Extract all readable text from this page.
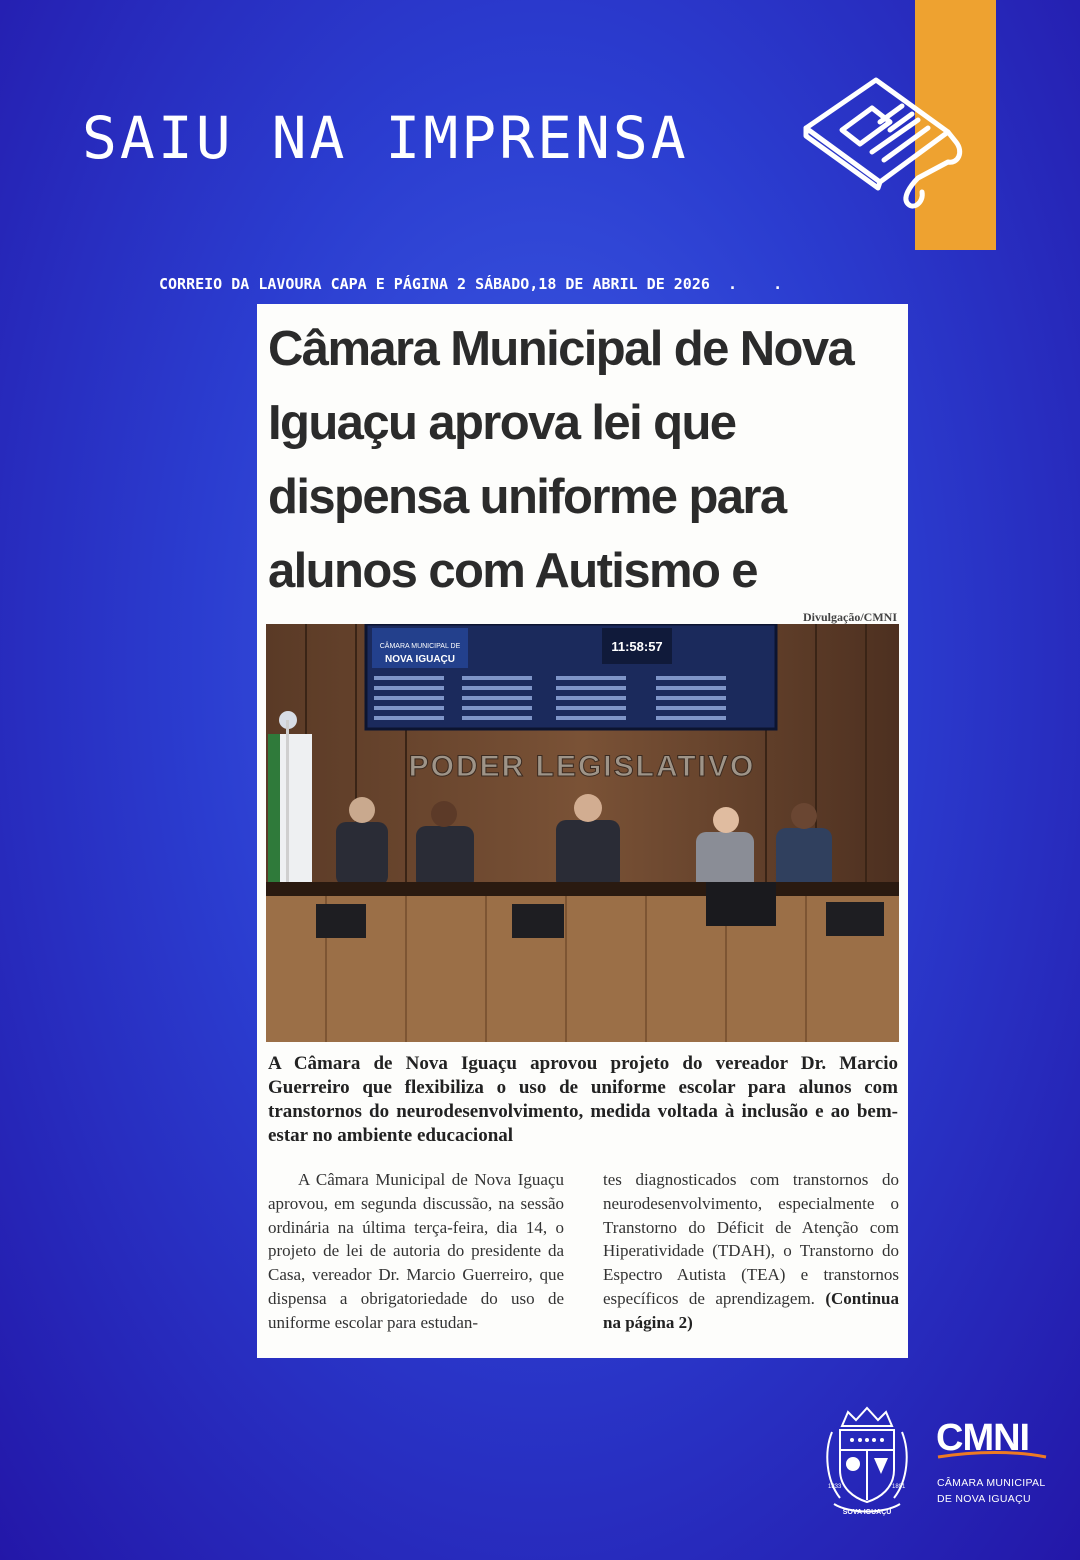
SAIU NA IMPRENSA
CORREIO DA LAVOURA CAPA E PÁGINA 2 SÁBADO,18 DE ABRIL DE 2026  .    .
Câmara Municipal de Nova Iguaçu aprova lei que dispensa uniforme para alunos com Autismo e
Divulgação/CMNI
CÂMARA MUNICIPAL DE
NOVA IGUAÇU
11:58:57
PODER LEGISLATIVO

A Câmara de Nova Iguaçu aprovou projeto do vereador Dr. Marcio Guerreiro que flexibiliza o uso de uniforme escolar para alunos com transtornos do neurodesenvolvimento, medida voltada à inclusão e ao bem-estar no ambiente educacional

A Câmara Municipal de Nova Iguaçu aprovou, em segunda discussão, na sessão ordinária na última terça-feira, dia 14, o projeto de lei de autoria do presidente da Casa, vereador Dr. Marcio Guerreiro, que dispensa a obrigatoriedade do uso de uniforme escolar para estudan-

tes diagnosticados com transtornos do neurodesenvolvimento, especialmente o Transtorno do Déficit de Atenção com Hiperatividade (TDAH), o Transtorno do Espectro Autista (TEA) e transtornos específicos de aprendizagem. (Continua na página 2)

1833	1891
SOVA IGUAÇU
CMNI
CÂMARA MUNICIPAL
DE NOVA IGUAÇU
